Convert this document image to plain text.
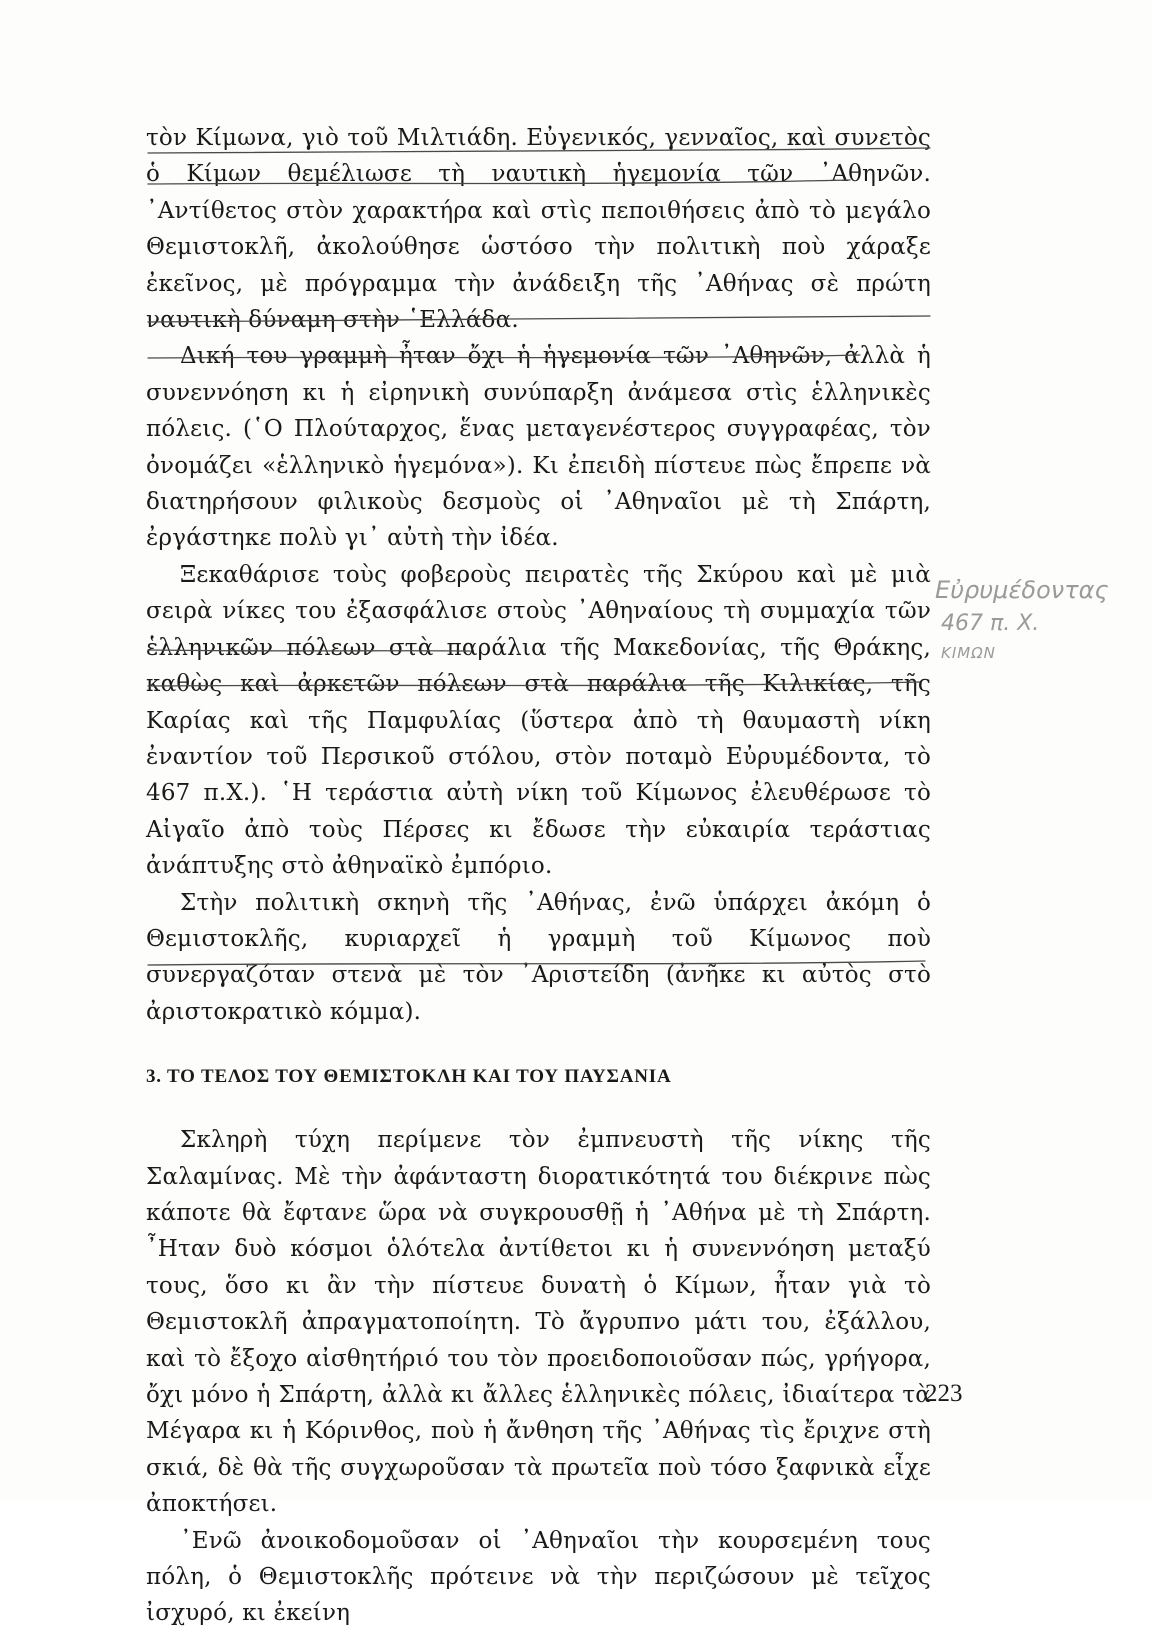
τὸν Κίμωνα, γιὸ τοῦ Μιλτιάδη. Εὐγενικός, γενναῖος, καὶ συνετὸς ὁ Κίμων θεμέλιωσε τὴ ναυτικὴ ἡγεμονία τῶν ᾿Αθηνῶν. ᾿Αντίθετος στὸν χαρακτήρα καὶ στὶς πεποιθήσεις ἀπὸ τὸ μεγάλο Θεμιστοκλῆ, ἀκολούθησε ὡστόσο τὴν πολιτικὴ ποὺ χάραξε ἐκεῖνος, μὲ πρόγραμμα τὴν ἀνάδειξη τῆς ᾿Αθήνας σὲ πρώτη ναυτικὴ δύναμη στὴν ῾Ελλάδα.

Δική του γραμμὴ ἦταν ὄχι ἡ ἡγεμονία τῶν ᾿Αθηνῶν, ἀλλὰ ἡ συνεννόηση κι ἡ εἰρηνικὴ συνύπαρξη ἀνάμεσα στὶς ἑλληνικὲς πόλεις. (῾Ο Πλούταρχος, ἕνας μεταγενέστερος συγγραφέας, τὸν ὀνομάζει «ἑλληνικὸ ἡγεμόνα»). Κι ἐπειδὴ πίστευε πὼς ἔπρεπε νὰ διατηρήσουν φιλικοὺς δεσμοὺς οἱ ᾿Αθηναῖοι μὲ τὴ Σπάρτη, ἐργάστηκε πολὺ γι᾿ αὐτὴ τὴν ἰδέα.

Ξεκαθάρισε τοὺς φοβεροὺς πειρατὲς τῆς Σκύρου καὶ μὲ μιὰ σειρὰ νίκες του ἐξασφάλισε στοὺς ᾿Αθηναίους τὴ συμμαχία τῶν ἑλληνικῶν πόλεων στὰ παράλια τῆς Μακεδονίας, τῆς Θράκης, καθὼς καὶ ἀρκετῶν πόλεων στὰ παράλια τῆς Κιλικίας, τῆς Καρίας καὶ τῆς Παμφυλίας (ὕστερα ἀπὸ τὴ θαυμαστὴ νίκη ἐναντίον τοῦ Περσικοῦ στόλου, στὸν ποταμὸ Εὐρυμέδοντα, τὸ 467 π.Χ.). ῾Η τεράστια αὐτὴ νίκη τοῦ Κίμωνος ἐλευθέρωσε τὸ Αἰγαῖο ἀπὸ τοὺς Πέρσες κι ἔδωσε τὴν εὐκαιρία τεράστιας ἀνάπτυξης στὸ ἀθηναϊκὸ ἐμπόριο.

Στὴν πολιτικὴ σκηνὴ τῆς ᾿Αθήνας, ἐνῶ ὑπάρχει ἀκόμη ὁ Θεμιστοκλῆς, κυριαρχεῖ ἡ γραμμὴ τοῦ Κίμωνος ποὺ συνεργαζόταν στενὰ μὲ τὸν ᾿Αριστείδη (ἀνῆκε κι αὐτὸς στὸ ἀριστοκρατικὸ κόμμα).

3. ΤΟ ΤΕΛΟΣ ΤΟΥ ΘΕΜΙΣΤΟΚΛΗ ΚΑΙ ΤΟΥ ΠΑΥΣΑΝΙΑ

Σκληρὴ τύχη περίμενε τὸν ἐμπνευστὴ τῆς νίκης τῆς Σαλαμίνας. Μὲ τὴν ἀφάνταστη διορατικότητά του διέκρινε πὼς κάποτε θὰ ἔφτανε ὥρα νὰ συγκρουσθῇ ἡ ᾿Αθήνα μὲ τὴ Σπάρτη. ῏Ηταν δυὸ κόσμοι ὁλότελα ἀντίθετοι κι ἡ συνεννόηση μεταξύ τους, ὅσο κι ἂν τὴν πίστευε δυνατὴ ὁ Κίμων, ἦταν γιὰ τὸ Θεμιστοκλῆ ἀπραγματοποίητη. Τὸ ἄγρυπνο μάτι του, ἐξάλλου, καὶ τὸ ἔξοχο αἰσθητήριό του τὸν προειδοποιοῦσαν πώς, γρήγορα, ὄχι μόνο ἡ Σπάρτη, ἀλλὰ κι ἄλλες ἑλληνικὲς πόλεις, ἰδιαίτερα τὰ Μέγαρα κι ἡ Κόρινθος, ποὺ ἡ ἄνθηση τῆς ᾿Αθήνας τὶς ἔριχνε στὴ σκιά, δὲ θὰ τῆς συγχωροῦσαν τὰ πρωτεῖα ποὺ τόσο ξαφνικὰ εἶχε ἀποκτήσει.

᾿Ενῶ ἀνοικοδομοῦσαν οἱ ᾿Αθηναῖοι τὴν κουρσεμένη τους πόλη, ὁ Θεμιστοκλῆς πρότεινε νὰ τὴν περιζώσουν μὲ τεῖχος ἰσχυρό, κι ἐκείνη

Εὐρυμέδοντας
467 π. Χ.
ΚΙΜΩΝ
223
